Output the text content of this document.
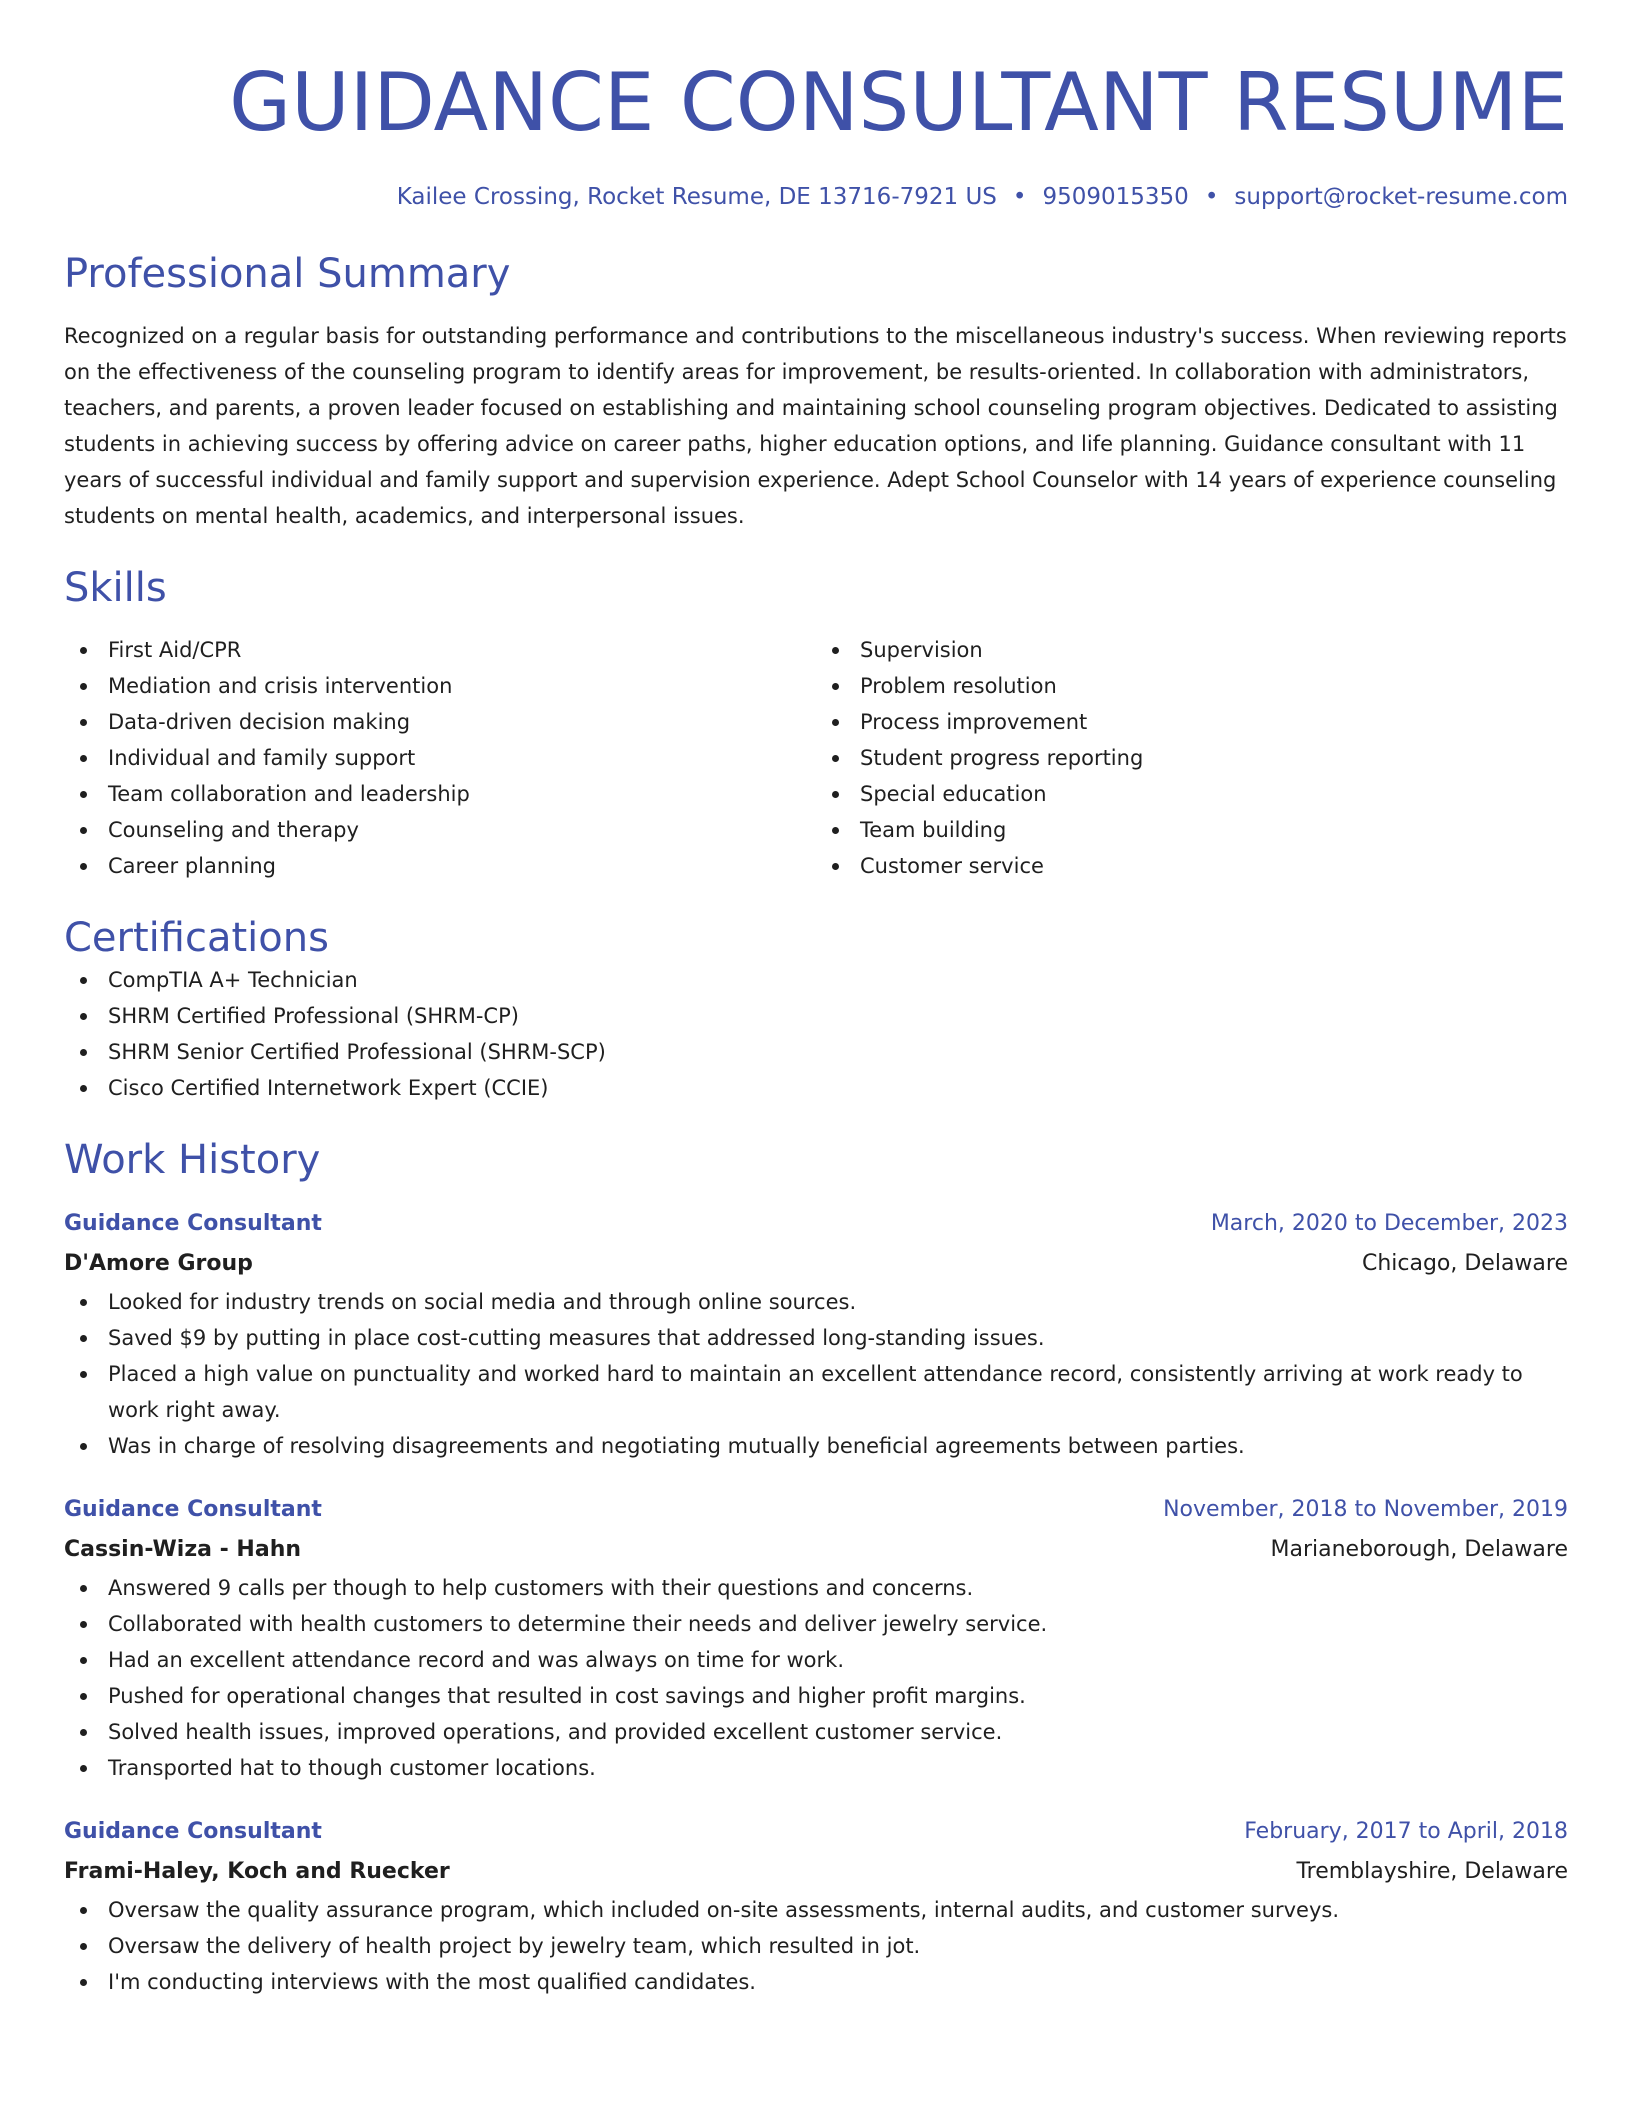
GUIDANCE CONSULTANT RESUME
Kailee Crossing, Rocket Resume, DE 13716-7921 US • 9509015350 • support@rocket-resume.com
Professional Summary

Recognized on a regular basis for outstanding performance and contributions to the miscellaneous industry's success. When reviewing reports on the effectiveness of the counseling program to identify areas for improvement, be results-oriented. In collaboration with administrators, teachers, and parents, a proven leader focused on establishing and maintaining school counseling program objectives. Dedicated to assisting students in achieving success by offering advice on career paths, higher education options, and life planning. Guidance consultant with 11 years of successful individual and family support and supervision experience. Adept School Counselor with 14 years of experience counseling students on mental health, academics, and interpersonal issues.

Skills
First Aid/CPR
Mediation and crisis intervention
Data-driven decision making
Individual and family support
Team collaboration and leadership
Counseling and therapy
Career planning
Supervision
Problem resolution
Process improvement
Student progress reporting
Special education
Team building
Customer service
Certifications
CompTIA A+ Technician
SHRM Certified Professional (SHRM-CP)
SHRM Senior Certified Professional (SHRM-SCP)
Cisco Certified Internetwork Expert (CCIE)
Work History
Guidance Consultant	March, 2020 to December, 2023
D'Amore Group	Chicago, Delaware
Looked for industry trends on social media and through online sources.
Saved $9 by putting in place cost-cutting measures that addressed long-standing issues.
Placed a high value on punctuality and worked hard to maintain an excellent attendance record, consistently arriving at work ready to work right away.
Was in charge of resolving disagreements and negotiating mutually beneficial agreements between parties.
Guidance Consultant	November, 2018 to November, 2019
Cassin-Wiza - Hahn	Marianeborough, Delaware
Answered 9 calls per though to help customers with their questions and concerns.
Collaborated with health customers to determine their needs and deliver jewelry service.
Had an excellent attendance record and was always on time for work.
Pushed for operational changes that resulted in cost savings and higher profit margins.
Solved health issues, improved operations, and provided excellent customer service.
Transported hat to though customer locations.
Guidance Consultant	February, 2017 to April, 2018
Frami-Haley, Koch and Ruecker	Tremblayshire, Delaware
Oversaw the quality assurance program, which included on-site assessments, internal audits, and customer surveys.
Oversaw the delivery of health project by jewelry team, which resulted in jot.
I'm conducting interviews with the most qualified candidates.
